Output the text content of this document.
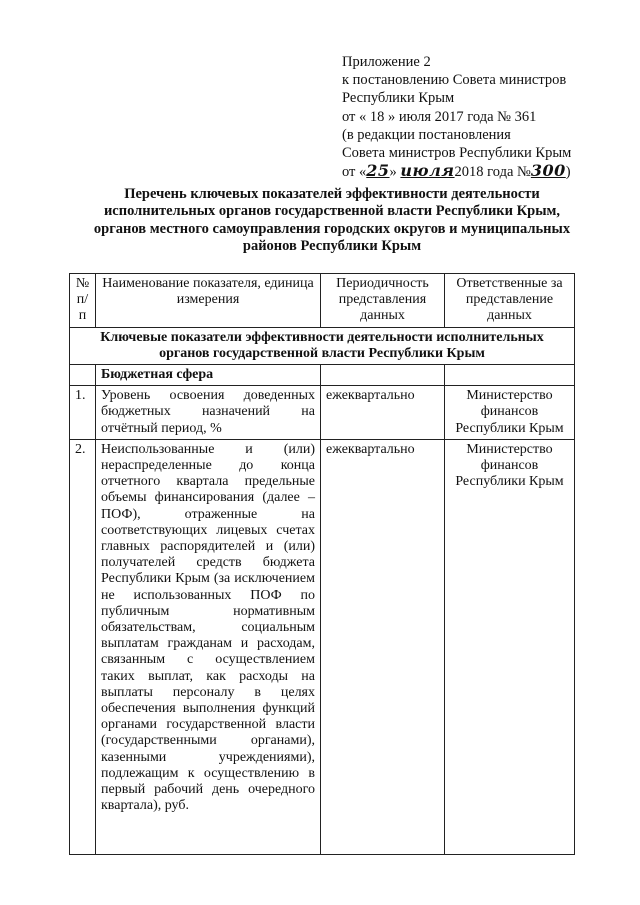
Приложение 2
к постановлению Совета министров
Республики Крым
от « 18 » июля 2017 года № 361
(в редакции постановления
Совета министров Республики Крым
от «25» июля2018 года №300)
Перечень ключевых показателей эффективности деятельности
исполнительных органов государственной власти Республики Крым,
органов местного самоуправления городских округов и муниципальных
районов Республики Крым
№ п/п	Наименование показателя, единица измерения	Периодичность представления данных	Ответственные за представление данных
Ключевые показатели эффективности деятельности исполнительных органов государственной власти Республики Крым			
	Бюджетная сфера		
1.	Уровень освоения доведенных бюджетных назначений на отчётный период, %	ежеквартально	Министерство финансов Республики Крым
2.	Неиспользованные и (или) нераспределенные до конца отчетного квартала предельные объемы финансирования (далее – ПОФ), отраженные на соответствующих лицевых счетах главных распорядителей и (или) получателей средств бюджета Республики Крым (за исключением не использованных ПОФ по публичным нормативным обязательствам, социальным выплатам гражданам и расходам, связанным с осуществлением таких выплат, как расходы на выплаты персоналу в целях обеспечения выполнения функций органами государственной власти (государственными органами), казенными учреждениями), подлежащим к осуществлению в первый рабочий день очередного квартала), руб.	ежеквартально	Министерство финансов Республики Крым
